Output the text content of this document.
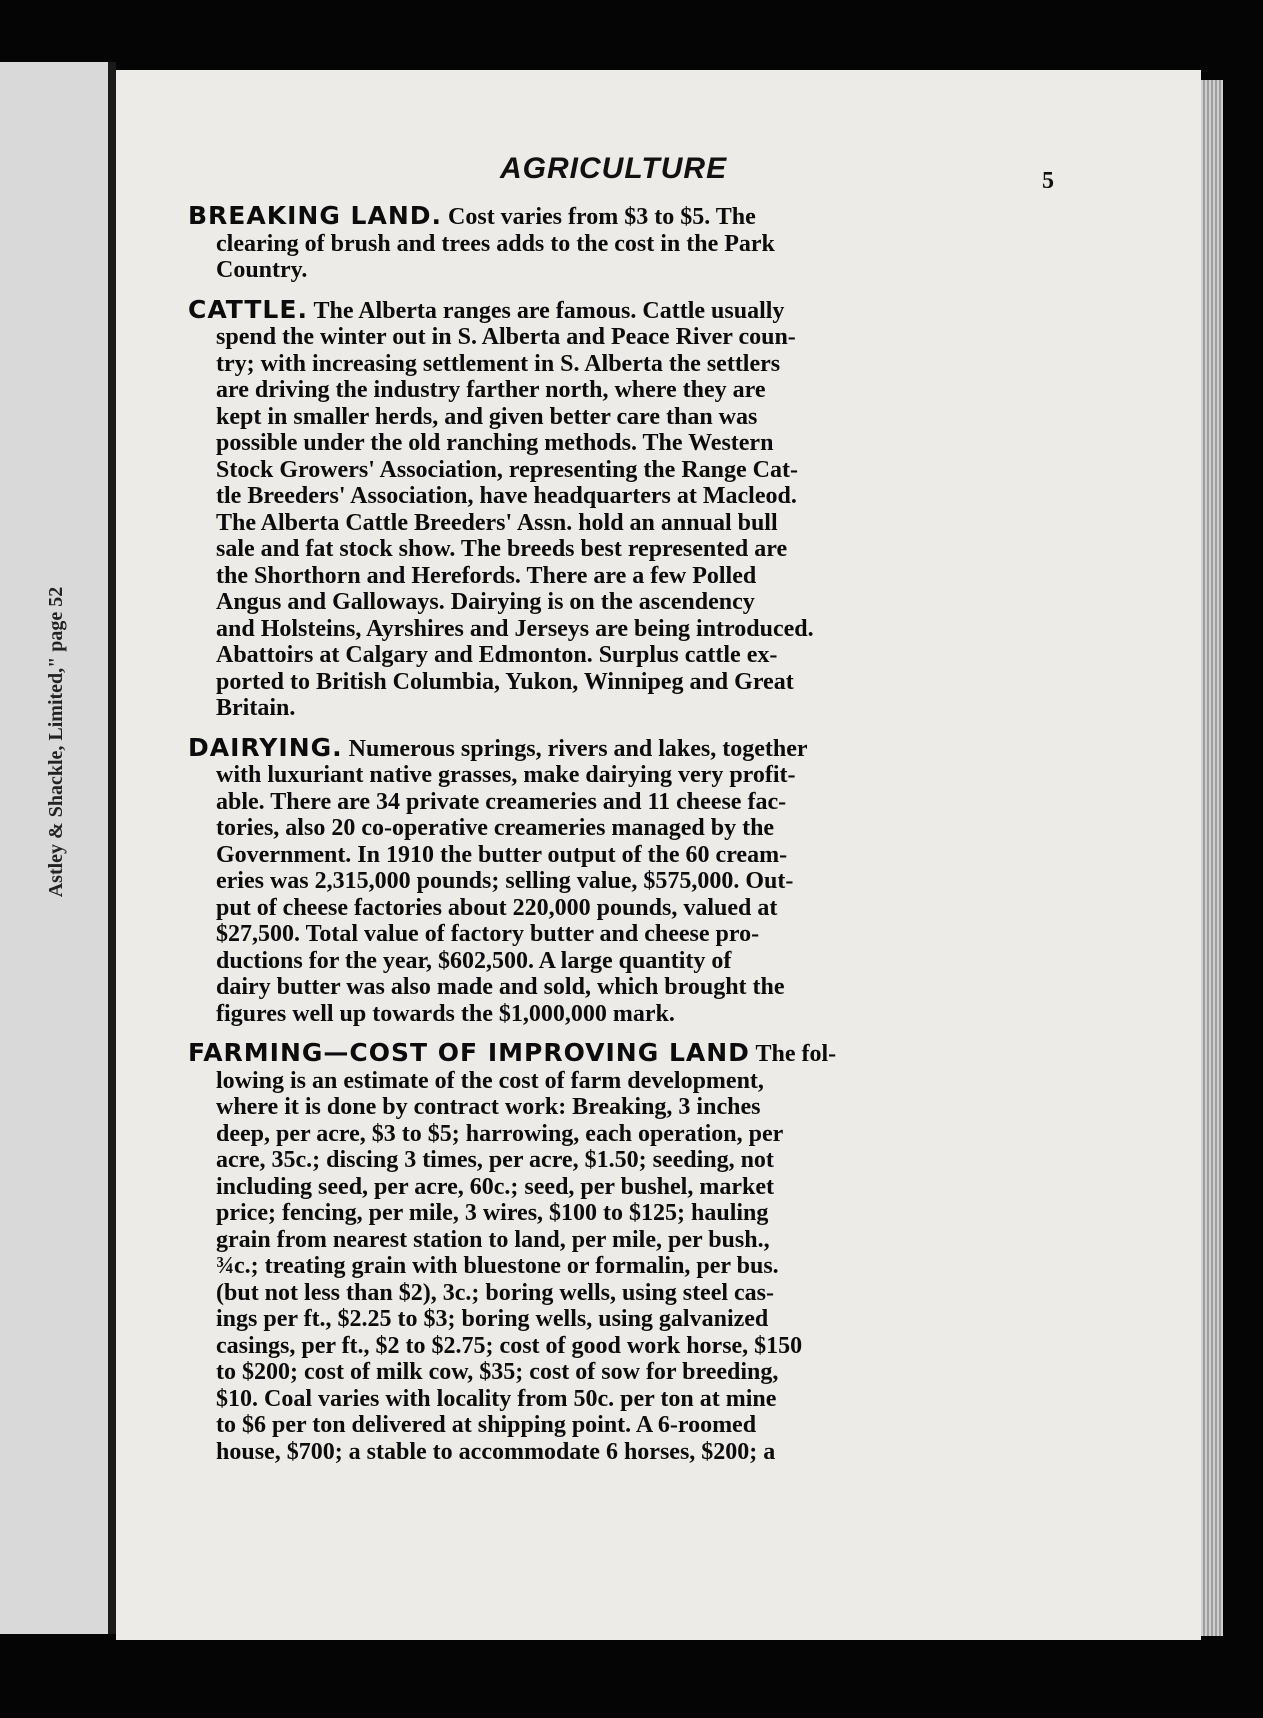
Astley & Shackle, Limited," page 52
AGRICULTURE	5
BREAKING LAND. Cost varies from $3 to $5. The
clearing of brush and trees adds to the cost in the Park
Country.
CATTLE. The Alberta ranges are famous. Cattle usually
spend the winter out in S. Alberta and Peace River coun-
try; with increasing settlement in S. Alberta the settlers
are driving the industry farther north, where they are
kept in smaller herds, and given better care than was
possible under the old ranching methods. The Western
Stock Growers' Association, representing the Range Cat-
tle Breeders' Association, have headquarters at Macleod.
The Alberta Cattle Breeders' Assn. hold an annual bull
sale and fat stock show. The breeds best represented are
the Shorthorn and Herefords. There are a few Polled
Angus and Galloways. Dairying is on the ascendency
and Holsteins, Ayrshires and Jerseys are being introduced.
Abattoirs at Calgary and Edmonton. Surplus cattle ex-
ported to British Columbia, Yukon, Winnipeg and Great
Britain.
DAIRYING. Numerous springs, rivers and lakes, together
with luxuriant native grasses, make dairying very profit-
able. There are 34 private creameries and 11 cheese fac-
tories, also 20 co-operative creameries managed by the
Government. In 1910 the butter output of the 60 cream-
eries was 2,315,000 pounds; selling value, $575,000. Out-
put of cheese factories about 220,000 pounds, valued at
$27,500. Total value of factory butter and cheese pro-
ductions for the year, $602,500. A large quantity of
dairy butter was also made and sold, which brought the
figures well up towards the $1,000,000 mark.
FARMING—COST OF IMPROVING LAND The fol-
lowing is an estimate of the cost of farm development,
where it is done by contract work: Breaking, 3 inches
deep, per acre, $3 to $5; harrowing, each operation, per
acre, 35c.; discing 3 times, per acre, $1.50; seeding, not
including seed, per acre, 60c.; seed, per bushel, market
price; fencing, per mile, 3 wires, $100 to $125; hauling
grain from nearest station to land, per mile, per bush.,
¾c.; treating grain with bluestone or formalin, per bus.
(but not less than $2), 3c.; boring wells, using steel cas-
ings per ft., $2.25 to $3; boring wells, using galvanized
casings, per ft., $2 to $2.75; cost of good work horse, $150
to $200; cost of milk cow, $35; cost of sow for breeding,
$10. Coal varies with locality from 50c. per ton at mine
to $6 per ton delivered at shipping point. A 6-roomed
house, $700; a stable to accommodate 6 horses, $200; a
